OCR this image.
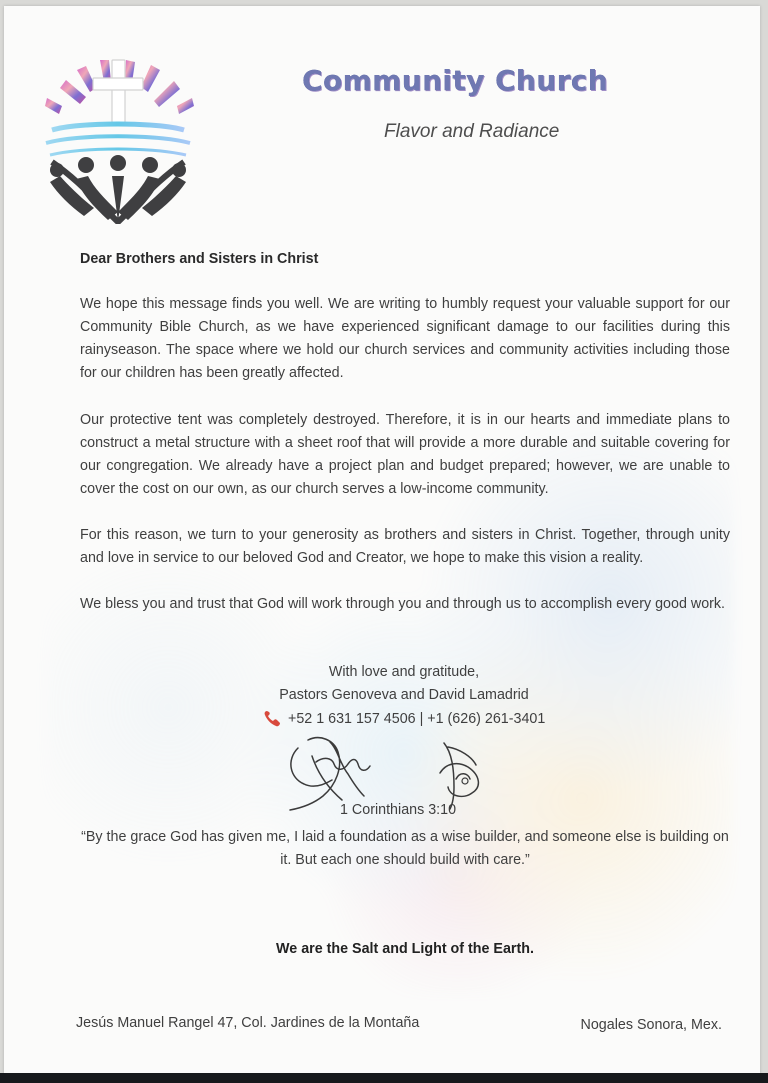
Community Church
Flavor and Radiance

Dear Brothers and Sisters in Christ

We hope this message finds you well. We are writing to humbly request your valuable support for our Community Bible Church, as we have experienced significant damage to our facilities during this rainyseason. The space where we hold our church services and community activities including those for our children has been greatly affected.

Our protective tent was completely destroyed. Therefore, it is in our hearts and immediate plans to construct a metal structure with a sheet roof that will provide a more durable and suitable covering for our congregation. We already have a project plan and budget prepared; however, we are unable to cover the cost on our own, as our church serves a low-income community.

For this reason, we turn to your generosity as brothers and sisters in Christ. Together, through unity and love in service to our beloved God and Creator, we hope to make this vision a reality.

We bless you and trust that God will work through you and through us to accomplish every good work.

With love and gratitude,
Pastors Genoveva and David Lamadrid
+52 1 631 157 4506 | +1 (626) 261-3401
1 Corinthians 3:10
“By the grace God has given me, I laid a foundation as a wise builder, and someone else is building on it. But each one should build with care.”
We are the Salt and Light of the Earth.
Jesús Manuel Rangel 47, Col. Jardines de la Montaña	Nogales Sonora, Mex.
